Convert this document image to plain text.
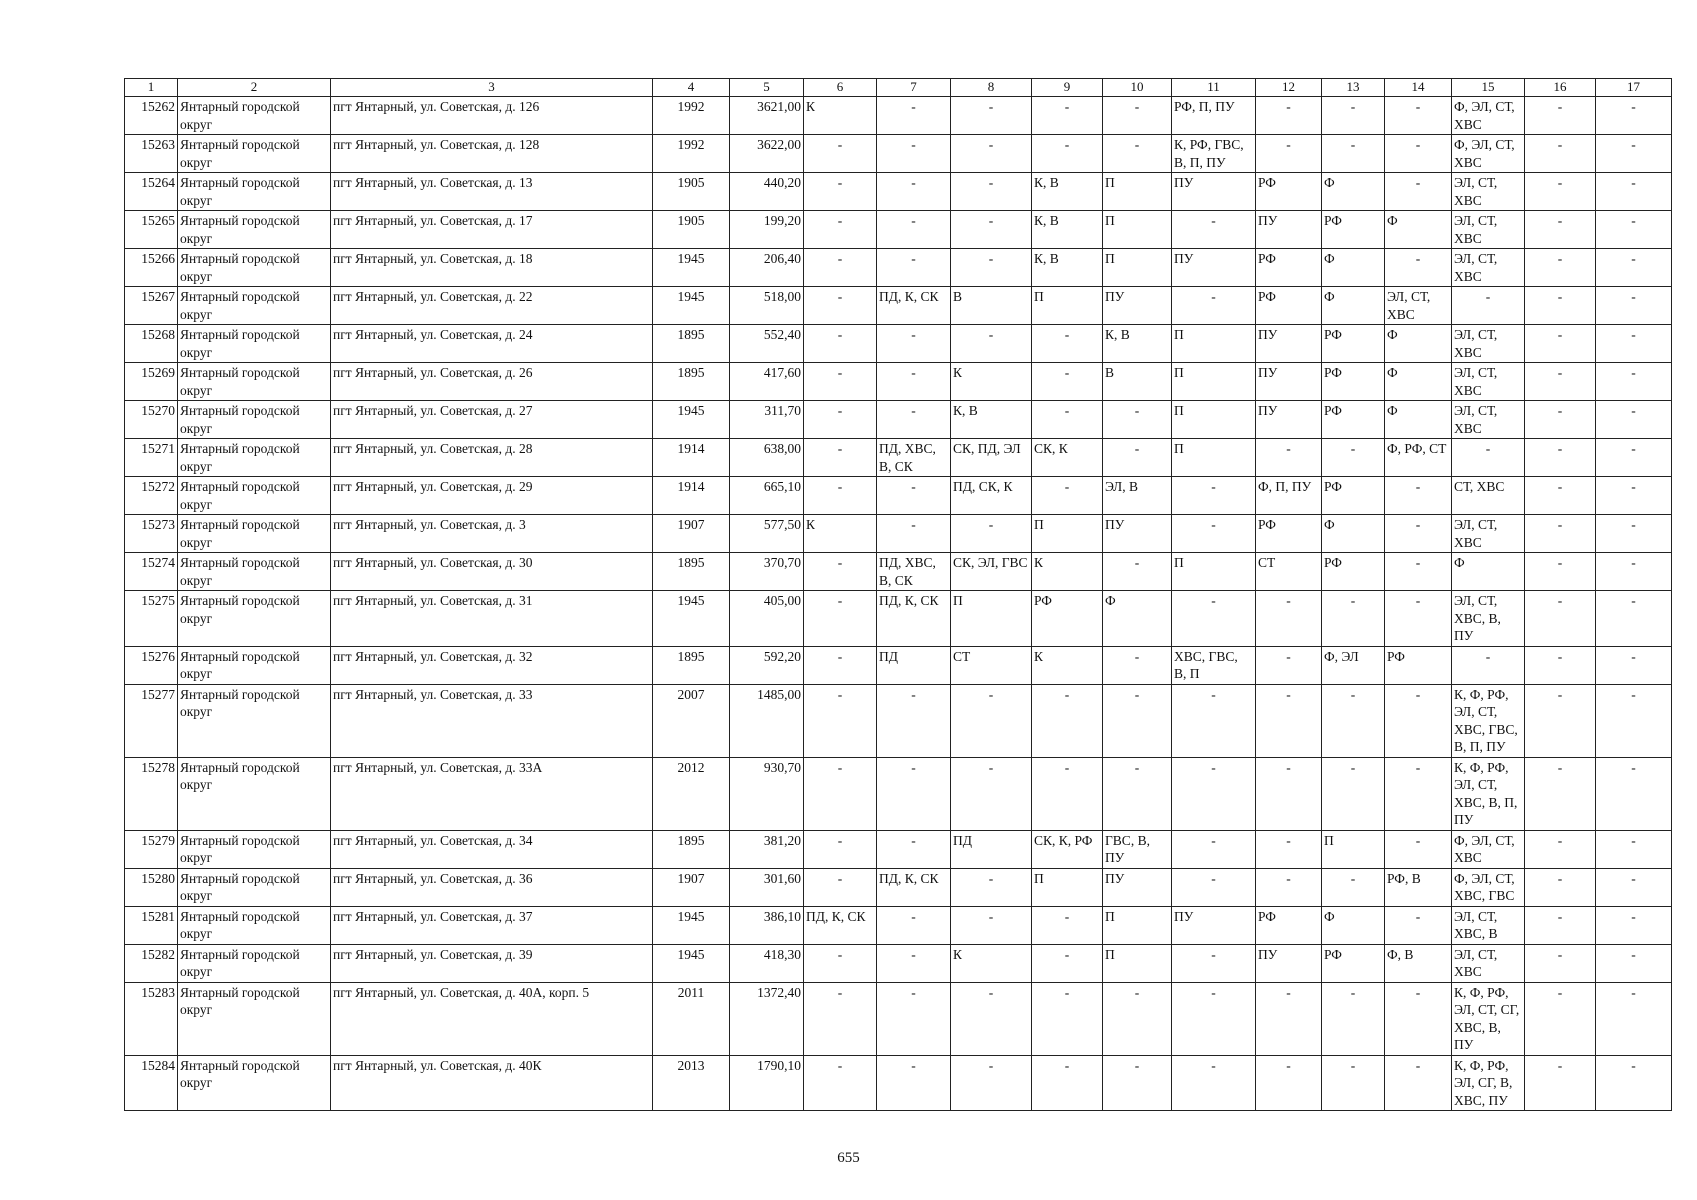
1	2	3	4	5	6	7	8	9	10	11	12	13	14	15	16	17
15262	Янтарный городской округ	пгт Янтарный, ул. Советская, д. 126	1992	3621,00	К	-	-	-	-	РФ, П, ПУ	-	-	-	Ф, ЭЛ, СТ, ХВС	-	-
15263	Янтарный городской округ	пгт Янтарный, ул. Советская, д. 128	1992	3622,00	-	-	-	-	-	К, РФ, ГВС, В, П, ПУ	-	-	-	Ф, ЭЛ, СТ, ХВС	-	-
15264	Янтарный городской округ	пгт Янтарный, ул. Советская, д. 13	1905	440,20	-	-	-	К, В	П	ПУ	РФ	Ф	-	ЭЛ, СТ, ХВС	-	-
15265	Янтарный городской округ	пгт Янтарный, ул. Советская, д. 17	1905	199,20	-	-	-	К, В	П	-	ПУ	РФ	Ф	ЭЛ, СТ, ХВС	-	-
15266	Янтарный городской округ	пгт Янтарный, ул. Советская, д. 18	1945	206,40	-	-	-	К, В	П	ПУ	РФ	Ф	-	ЭЛ, СТ, ХВС	-	-
15267	Янтарный городской округ	пгт Янтарный, ул. Советская, д. 22	1945	518,00	-	ПД, К, СК	В	П	ПУ	-	РФ	Ф	ЭЛ, СТ, ХВС	-	-	-
15268	Янтарный городской округ	пгт Янтарный, ул. Советская, д. 24	1895	552,40	-	-	-	-	К, В	П	ПУ	РФ	Ф	ЭЛ, СТ, ХВС	-	-
15269	Янтарный городской округ	пгт Янтарный, ул. Советская, д. 26	1895	417,60	-	-	К	-	В	П	ПУ	РФ	Ф	ЭЛ, СТ, ХВС	-	-
15270	Янтарный городской округ	пгт Янтарный, ул. Советская, д. 27	1945	311,70	-	-	К, В	-	-	П	ПУ	РФ	Ф	ЭЛ, СТ, ХВС	-	-
15271	Янтарный городской округ	пгт Янтарный, ул. Советская, д. 28	1914	638,00	-	ПД, ХВС, В, СК	СК, ПД, ЭЛ	СК, К	-	П	-	-	Ф, РФ, СТ	-	-	-
15272	Янтарный городской округ	пгт Янтарный, ул. Советская, д. 29	1914	665,10	-	-	ПД, СК, К	-	ЭЛ, В	-	Ф, П, ПУ	РФ	-	СТ, ХВС	-	-
15273	Янтарный городской округ	пгт Янтарный, ул. Советская, д. 3	1907	577,50	К	-	-	П	ПУ	-	РФ	Ф	-	ЭЛ, СТ, ХВС	-	-
15274	Янтарный городской округ	пгт Янтарный, ул. Советская, д. 30	1895	370,70	-	ПД, ХВС, В, СК	СК, ЭЛ, ГВС	К	-	П	СТ	РФ	-	Ф	-	-
15275	Янтарный городской округ	пгт Янтарный, ул. Советская, д. 31	1945	405,00	-	ПД, К, СК	П	РФ	Ф	-	-	-	-	ЭЛ, СТ, ХВС, В, ПУ	-	-
15276	Янтарный городской округ	пгт Янтарный, ул. Советская, д. 32	1895	592,20	-	ПД	СТ	К	-	ХВС, ГВС, В, П	-	Ф, ЭЛ	РФ	-	-	-
15277	Янтарный городской округ	пгт Янтарный, ул. Советская, д. 33	2007	1485,00	-	-	-	-	-	-	-	-	-	К, Ф, РФ, ЭЛ, СТ, ХВС, ГВС, В, П, ПУ	-	-
15278	Янтарный городской округ	пгт Янтарный, ул. Советская, д. 33А	2012	930,70	-	-	-	-	-	-	-	-	-	К, Ф, РФ, ЭЛ, СТ, ХВС, В, П, ПУ	-	-
15279	Янтарный городской округ	пгт Янтарный, ул. Советская, д. 34	1895	381,20	-	-	ПД	СК, К, РФ	ГВС, В, ПУ	-	-	П	-	Ф, ЭЛ, СТ, ХВС	-	-
15280	Янтарный городской округ	пгт Янтарный, ул. Советская, д. 36	1907	301,60	-	ПД, К, СК	-	П	ПУ	-	-	-	РФ, В	Ф, ЭЛ, СТ, ХВС, ГВС	-	-
15281	Янтарный городской округ	пгт Янтарный, ул. Советская, д. 37	1945	386,10	ПД, К, СК	-	-	-	П	ПУ	РФ	Ф	-	ЭЛ, СТ, ХВС, В	-	-
15282	Янтарный городской округ	пгт Янтарный, ул. Советская, д. 39	1945	418,30	-	-	К	-	П	-	ПУ	РФ	Ф, В	ЭЛ, СТ, ХВС	-	-
15283	Янтарный городской округ	пгт Янтарный, ул. Советская, д. 40А, корп. 5	2011	1372,40	-	-	-	-	-	-	-	-	-	К, Ф, РФ, ЭЛ, СТ, СГ, ХВС, В, ПУ	-	-
15284	Янтарный городской округ	пгт Янтарный, ул. Советская, д. 40К	2013	1790,10	-	-	-	-	-	-	-	-	-	К, Ф, РФ, ЭЛ, СГ, В, ХВС, ПУ	-	-
655
